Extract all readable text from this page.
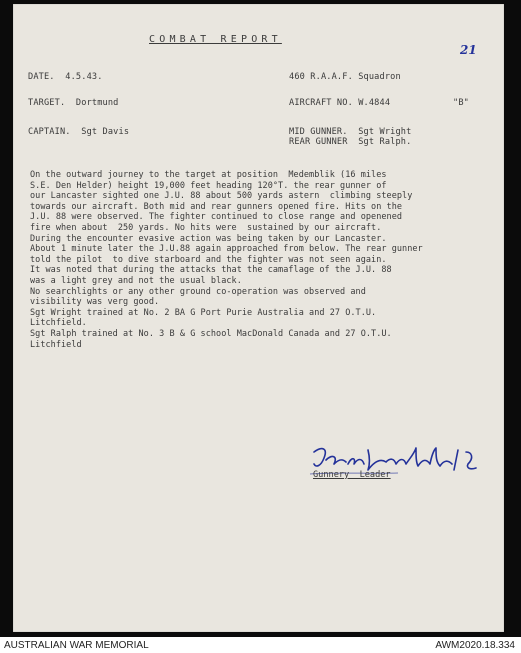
COMBAT REPORT
21
DATE.  4.5.43.	460 R.A.A.F. Squadron
TARGET.  Dortmund	AIRCRAFT NO. W.4844	"B"
CAPTAIN.  Sgt Davis	MID GUNNER.  Sgt Wright
REAR GUNNER  Sgt Ralph.
On the outward journey to the target at position  Medemblik (16 miles
S.E. Den Helder) height 19,000 feet heading 120°T. the rear gunner of
our Lancaster sighted one J.U. 88 about 500 yards astern  climbing steeply
towards our aircraft. Both mid and rear gunners opened fire. Hits on the
J.U. 88 were observed. The fighter continued to close range and openened
fire when about  250 yards. No hits were  sustained by our aircraft.
During the encounter evasive action was being taken by our Lancaster.
About 1 minute later the J.U.88 again approached from below. The rear gunner
told the pilot  to dive starboard and the fighter was not seen again.
It was noted that during the attacks that the camaflage of the J.U. 88
was a light grey and not the usual black.
No searchlights or any other ground co-operation was observed and
visibility was verg good.
Sgt Wright trained at No. 2 BA G Port Purie Australia and 27 O.T.U.
Litchfield.
Sgt Ralph trained at No. 3 B & G school MacDonald Canada and 27 O.T.U.
Litchfield
Gunnery  Leader
AUSTRALIAN WAR MEMORIAL	AWM2020.18.334
